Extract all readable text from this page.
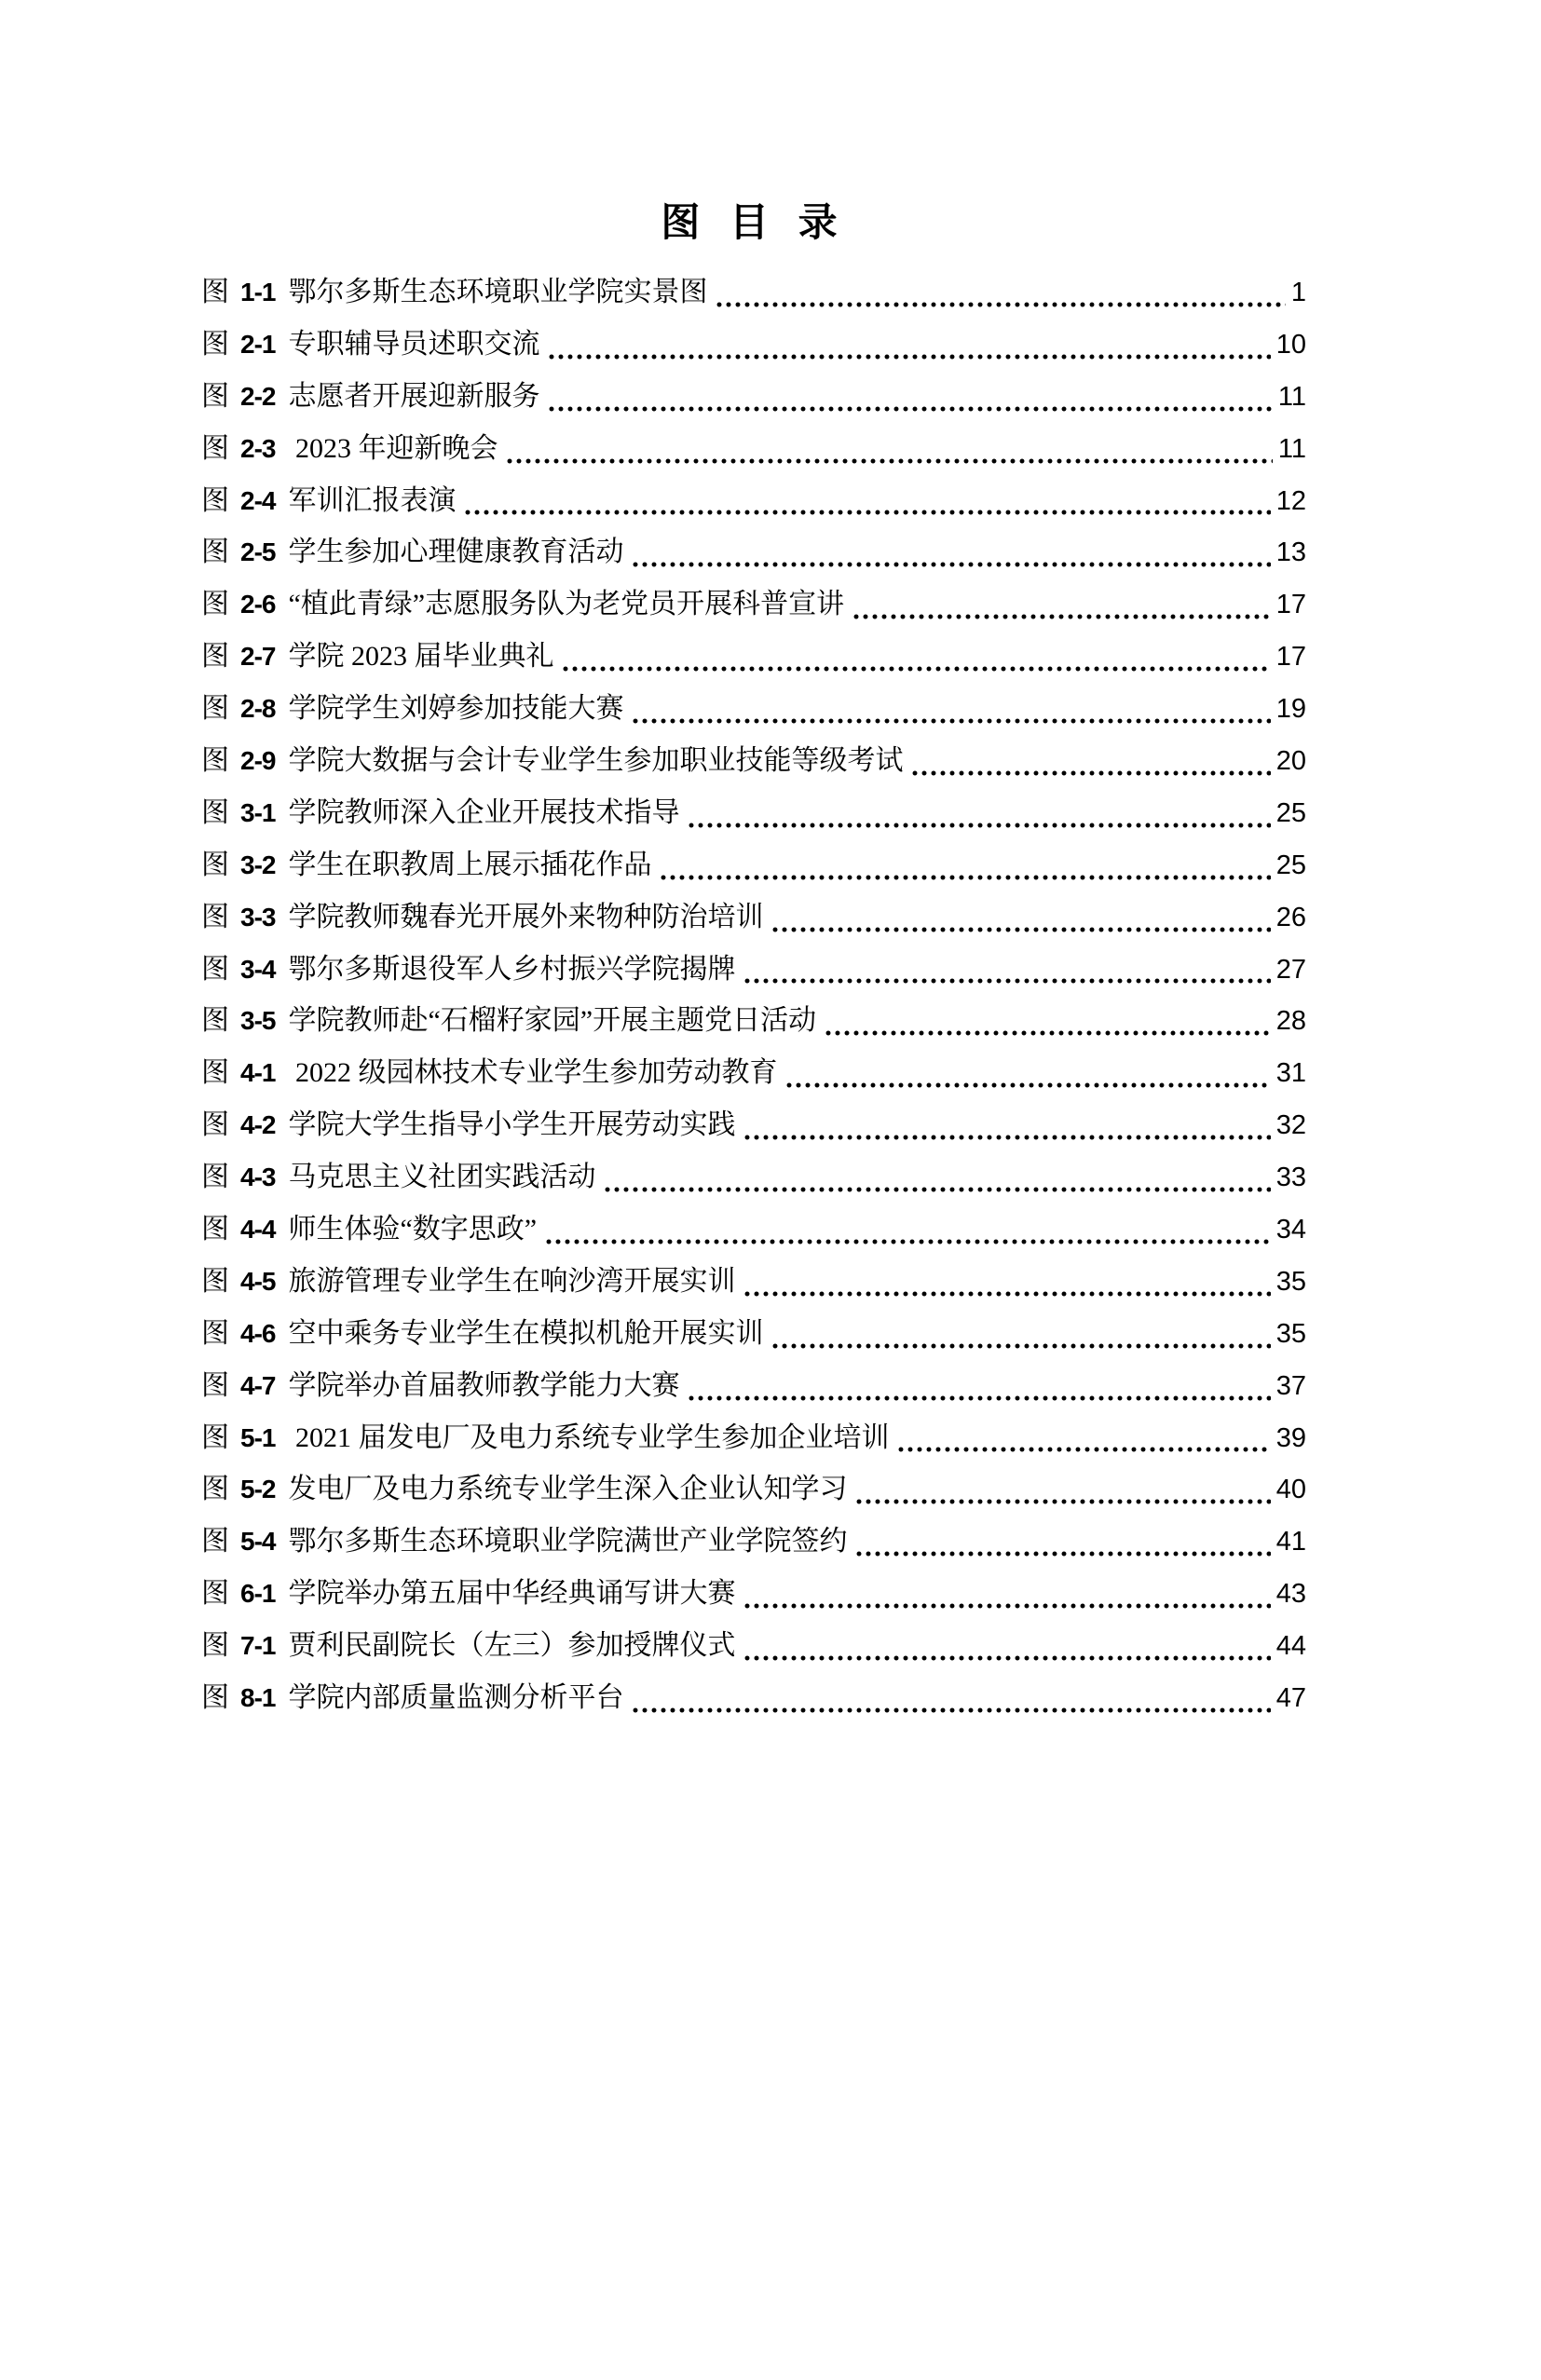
图 目 录
图 1-1 鄂尔多斯生态环境职业学院实景图	1
图 2-1 专职辅导员述职交流	10
图 2-2 志愿者开展迎新服务	11
图 2-3 2023 年迎新晚会	11
图 2-4 军训汇报表演	12
图 2-5 学生参加心理健康教育活动	13
图 2-6 “植此青绿”志愿服务队为老党员开展科普宣讲	17
图 2-7 学院 2023 届毕业典礼	17
图 2-8 学院学生刘婷参加技能大赛	19
图 2-9 学院大数据与会计专业学生参加职业技能等级考试	20
图 3-1 学院教师深入企业开展技术指导	25
图 3-2 学生在职教周上展示插花作品	25
图 3-3 学院教师魏春光开展外来物种防治培训	26
图 3-4 鄂尔多斯退役军人乡村振兴学院揭牌	27
图 3-5 学院教师赴“石榴籽家园”开展主题党日活动	28
图 4-1 2022 级园林技术专业学生参加劳动教育	31
图 4-2 学院大学生指导小学生开展劳动实践	32
图 4-3 马克思主义社团实践活动	33
图 4-4 师生体验“数字思政”	34
图 4-5 旅游管理专业学生在响沙湾开展实训	35
图 4-6 空中乘务专业学生在模拟机舱开展实训	35
图 4-7 学院举办首届教师教学能力大赛	37
图 5-1 2021 届发电厂及电力系统专业学生参加企业培训	39
图 5-2 发电厂及电力系统专业学生深入企业认知学习	40
图 5-4 鄂尔多斯生态环境职业学院满世产业学院签约	41
图 6-1 学院举办第五届中华经典诵写讲大赛	43
图 7-1 贾利民副院长（左三）参加授牌仪式	44
图 8-1 学院内部质量监测分析平台	47
